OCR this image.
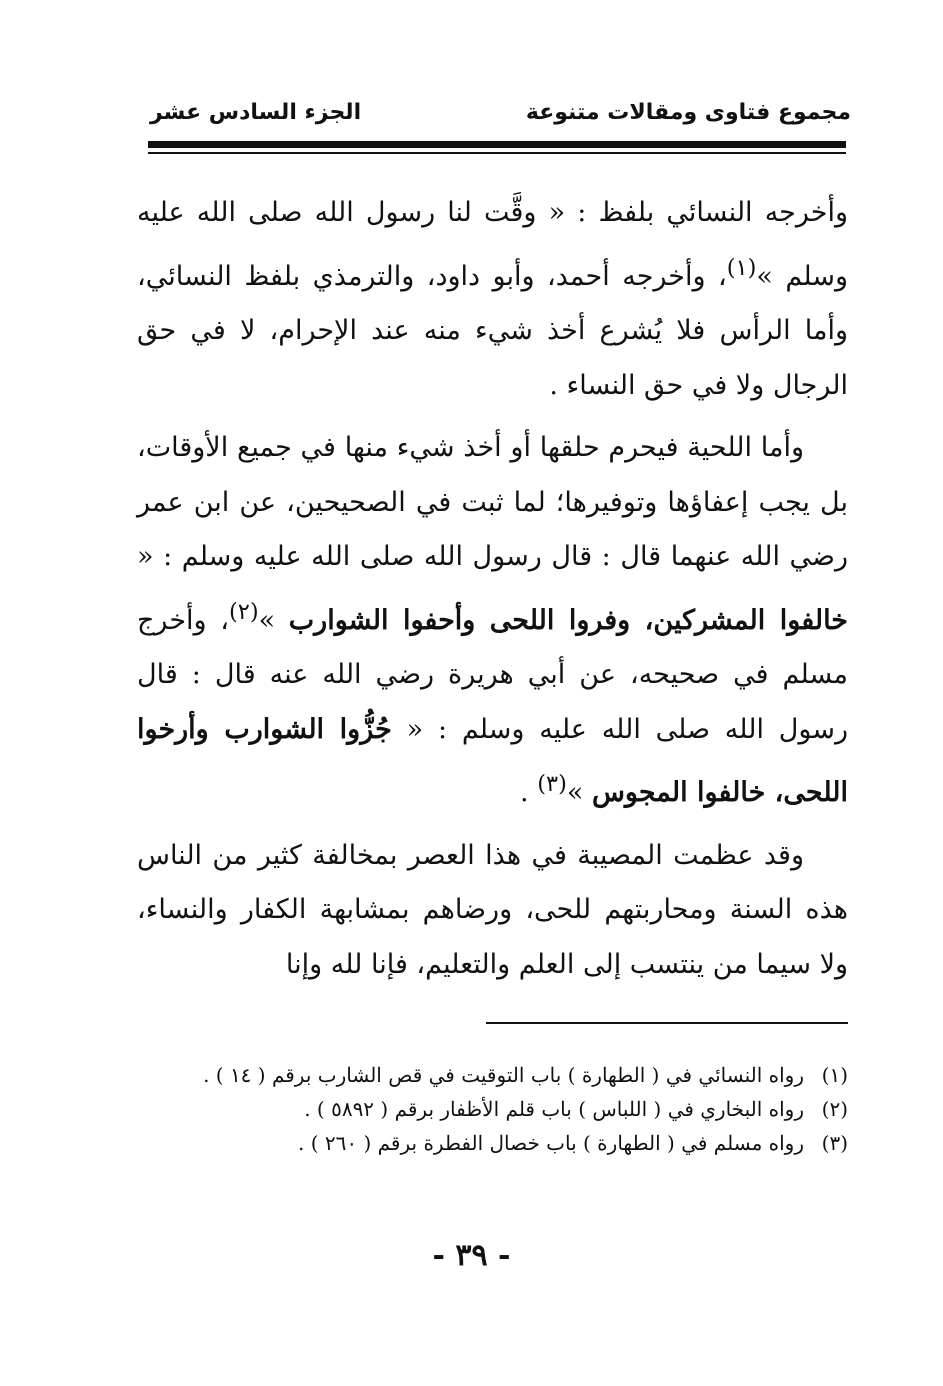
مجموع فتاوى ومقالات متنوعة
الجزء السادس عشر

وأخرجه النسائي بلفظ : « وقَّت لنا رسول الله صلى الله عليه وسلم »$^{(١)}$، وأخرجه أحمد، وأبو داود، والترمذي بلفظ النسائي، وأما الرأس فلا يُشرع أخذ شيء منه عند الإحرام، لا في حق الرجال ولا في حق النساء .

وأما اللحية فيحرم حلقها أو أخذ شيء منها في جميع الأوقات، بل يجب إعفاؤها وتوفيرها؛ لما ثبت في الصحيحين، عن ابن عمر رضي الله عنهما قال : قال رسول الله صلى الله عليه وسلم : « خالفوا المشركين، وفروا اللحى وأحفوا الشوارب »$^{(٢)}$، وأخرج مسلم في صحيحه، عن أبي هريرة رضي الله عنه قال : قال رسول الله صلى الله عليه وسلم : « جُزُّوا الشوارب وأرخوا اللحى، خالفوا المجوس »$^{(٣)}$ .

وقد عظمت المصيبة في هذا العصر بمخالفة كثير من الناس هذه السنة ومحاربتهم للحى، ورضاهم بمشابهة الكفار والنساء، ولا سيما من ينتسب إلى العلم والتعليم، فإنا لله وإنا

(١)
رواه النسائي في ( الطهارة ) باب التوقيت في قص الشارب برقم ( ١٤ ) .
(٢)
رواه البخاري في ( اللباس ) باب قلم الأظفار برقم ( ٥٨٩٢ ) .
(٣)
رواه مسلم في ( الطهارة ) باب خصال الفطرة برقم ( ٢٦٠ ) .
- ٣٩ -
